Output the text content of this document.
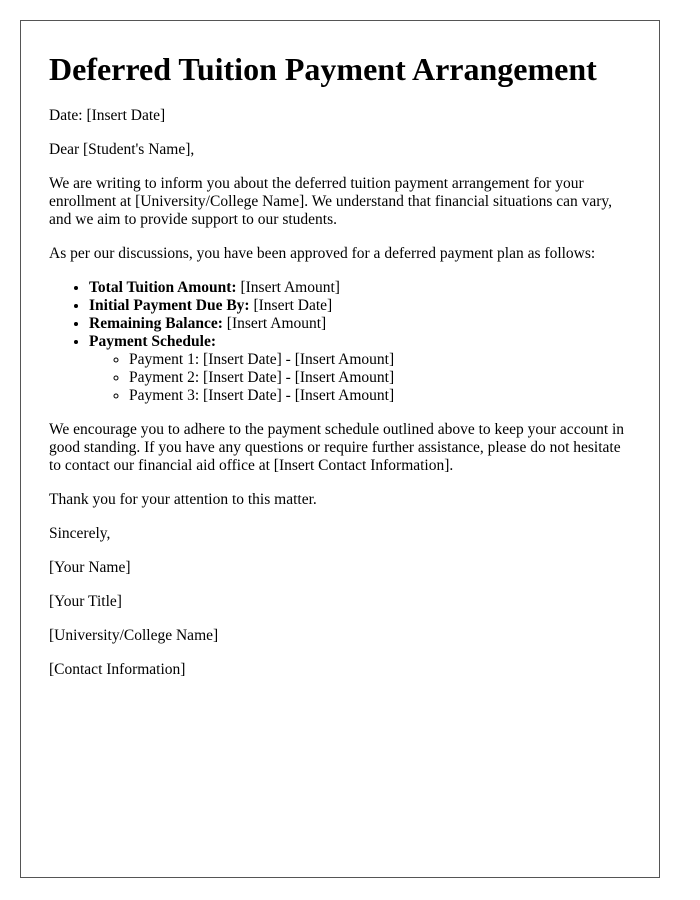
Deferred Tuition Payment Arrangement

Date: [Insert Date]

Dear [Student's Name],

We are writing to inform you about the deferred tuition payment arrangement for your enrollment at [University/College Name]. We understand that financial situations can vary, and we aim to provide support to our students.

As per our discussions, you have been approved for a deferred payment plan as follows:

• Total Tuition Amount: [Insert Amount]
• Initial Payment Due By: [Insert Date]
• Remaining Balance: [Insert Amount]
• Payment Schedule:
◦ Payment 1: [Insert Date] - [Insert Amount]
◦ Payment 2: [Insert Date] - [Insert Amount]
◦ Payment 3: [Insert Date] - [Insert Amount]

We encourage you to adhere to the payment schedule outlined above to keep your account in good standing. If you have any questions or require further assistance, please do not hesitate to contact our financial aid office at [Insert Contact Information].

Thank you for your attention to this matter.

Sincerely,

[Your Name]

[Your Title]

[University/College Name]

[Contact Information]
